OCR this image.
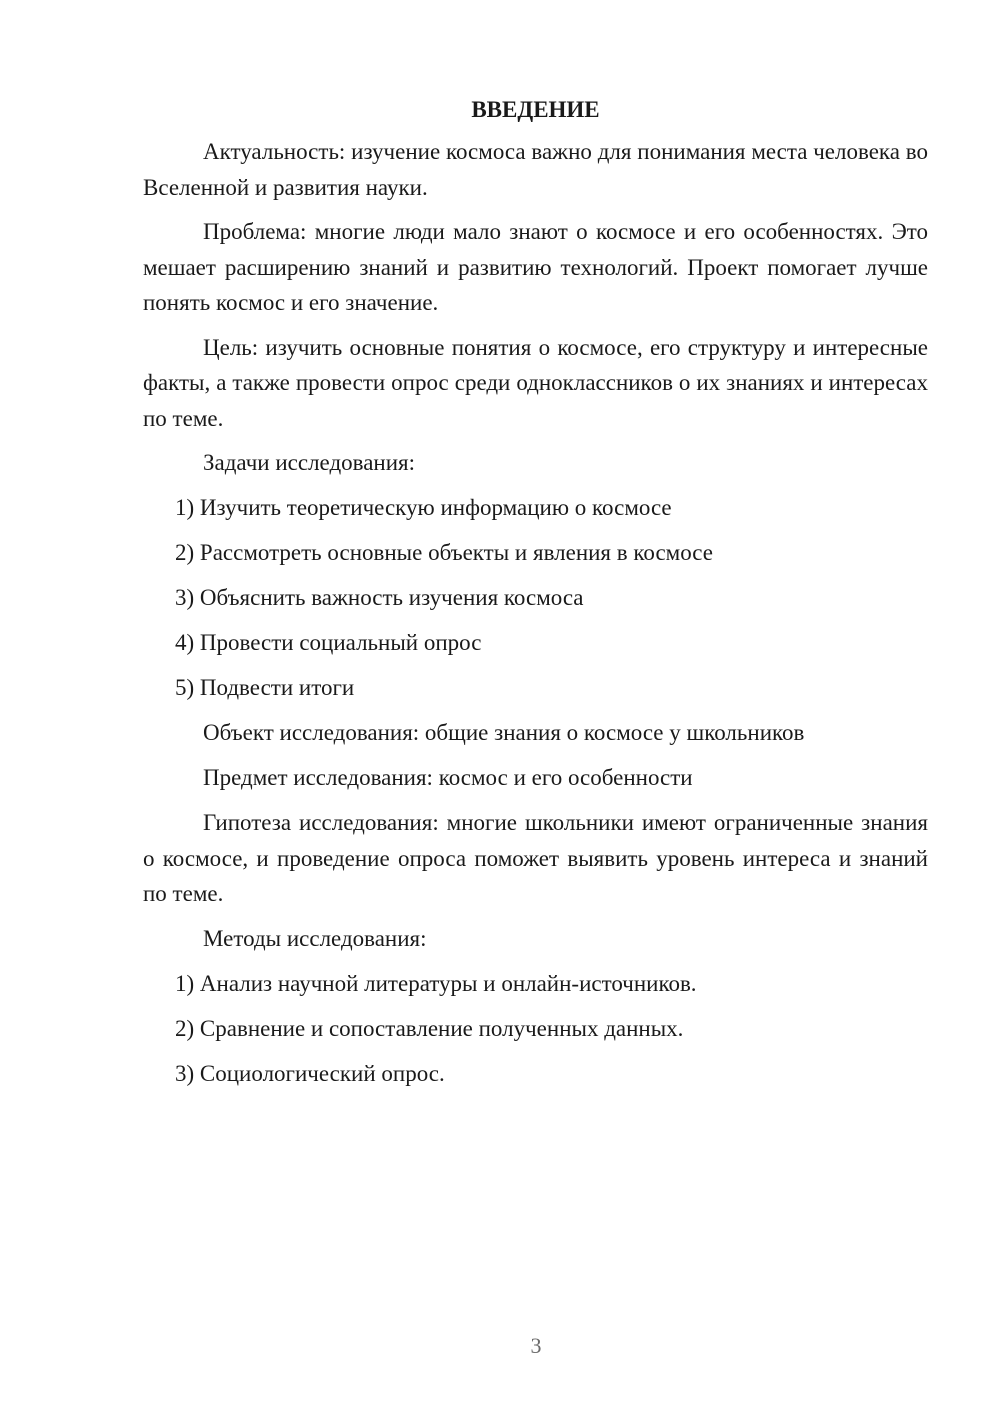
ВВЕДЕНИЕ

Актуальность: изучение космоса важно для понимания места человека во Вселенной и развития науки.

Проблема: многие люди мало знают о космосе и его особенностях. Это мешает расширению знаний и развитию технологий. Проект помогает лучше понять космос и его значение.

Цель: изучить основные понятия о космосе, его структуру и интересные факты, а также провести опрос среди одноклассников о их знаниях и интересах по теме.

Задачи исследования:
1) Изучить теоретическую информацию о космосе
2) Рассмотреть основные объекты и явления в космосе
3) Объяснить важность изучения космоса
4) Провести социальный опрос
5) Подвести итоги
Объект исследования: общие знания о космосе у школьников
Предмет исследования: космос и его особенности

Гипотеза исследования: многие школьники имеют ограниченные знания о космосе, и проведение опроса поможет выявить уровень интереса и знаний по теме.

Методы исследования:
1) Анализ научной литературы и онлайн-источников.
2) Сравнение и сопоставление полученных данных.
3) Социологический опрос.
3
